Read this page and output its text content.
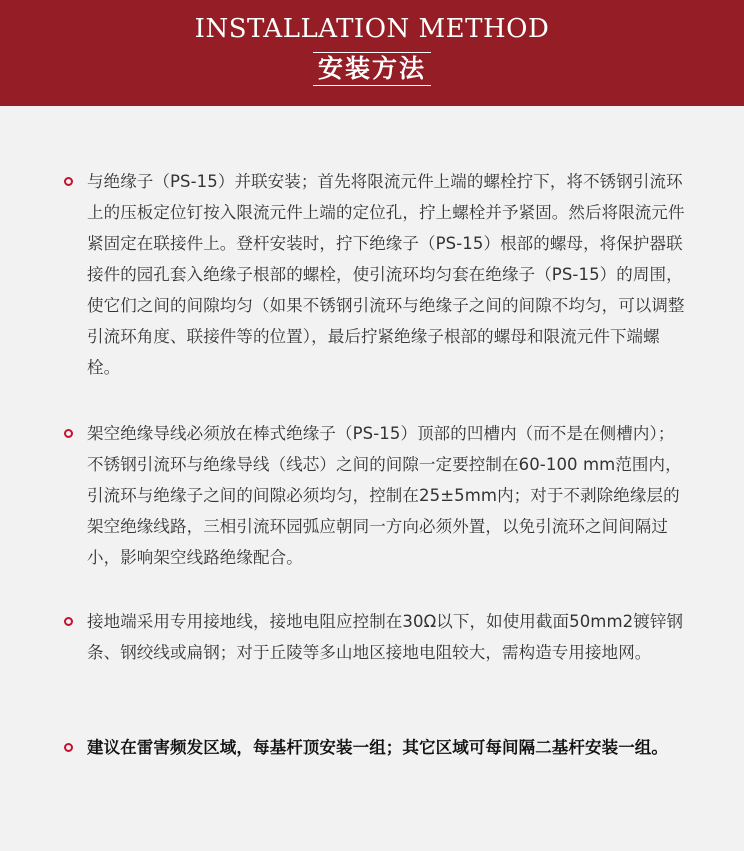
INSTALLATION METHOD
安装方法
与绝缘子（PS-15）并联安装；首先将限流元件上端的螺栓拧下，将不锈钢引流环上的压板定位钉按入限流元件上端的定位孔，拧上螺栓并予紧固。然后将限流元件紧固定在联接件上。登杆安装时，拧下绝缘子（PS-15）根部的螺母，将保护器联接件的园孔套入绝缘子根部的螺栓，使引流环均匀套在绝缘子（PS-15）的周围，使它们之间的间隙均匀（如果不锈钢引流环与绝缘子之间的间隙不均匀，可以调整引流环角度、联接件等的位置），最后拧紧绝缘子根部的螺母和限流元件下端螺栓。
架空绝缘导线必须放在棒式绝缘子（PS-15）顶部的凹槽内（而不是在侧槽内）；不锈钢引流环与绝缘导线（线芯）之间的间隙一定要控制在60-100 mm范围内，引流环与绝缘子之间的间隙必须均匀，控制在25±5mm内；对于不剥除绝缘层的架空绝缘线路，三相引流环园弧应朝同一方向必须外置，以免引流环之间间隔过小，影响架空线路绝缘配合。
接地端采用专用接地线，接地电阻应控制在30Ω以下，如使用截面50mm2镀锌钢条、钢绞线或扁钢；对于丘陵等多山地区接地电阻较大，需构造专用接地网。
建议在雷害频发区域，每基杆顶安装一组；其它区域可每间隔二基杆安装一组。
